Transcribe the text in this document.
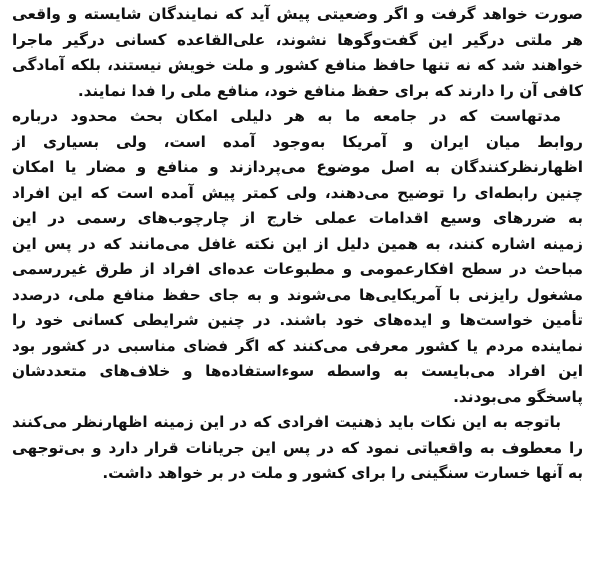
صورت خواهد گرفت و اگر وضعیتی پیش آید که نمایندگان شایسته و واقعی
هر ملتی درگیر این گفت‌وگوها نشوند، علی‌القاعده کسانی درگیر ماجرا
خواهند شد که نه تنها حافظ منافع کشور و ملت خویش نیستند، بلکه آمادگی
کافی آن را دارند که برای حفظ منافع خود، منافع ملی را فدا نمایند.
مدتهاست که در جامعه ما به هر دلیلی امکان بحث محدود درباره
روابط میان ایران و آمریکا به‌وجود آمده است، ولی بسیاری از
اظهارنظرکنندگان به اصل موضوع می‌پردازند و منافع و مضار یا امکان
چنین رابطه‌ای را توضیح می‌دهند، ولی کمتر پیش آمده است که این افراد
به ضررهای وسیع اقدامات عملی خارج از چارچوب‌های رسمی در این
زمینه اشاره کنند، به همین دلیل از این نکته غافل می‌مانند که در پس این
مباحث در سطح افکارعمومی و مطبوعات عده‌ای افراد از طرق غیررسمی
مشغول رایزنی با آمریکایی‌ها می‌شوند و به جای حفظ منافع ملی، درصدد
تأمین خواست‌ها و ایده‌های خود باشند. در چنین شرایطی کسانی خود را
نماینده مردم یا کشور معرفی می‌کنند که اگر فضای مناسبی در کشور بود
این افراد می‌بایست به واسطه سوءاستفاده‌ها و خلاف‌های متعددشان
پاسخگو می‌بودند.
باتوجه به این نکات باید ذهنیت افرادی که در این زمینه اظهارنظر می‌کنند
را معطوف به واقعیاتی نمود که در پس این جریانات قرار دارد و بی‌توجهی
به آنها خسارت سنگینی را برای کشور و ملت در بر خواهد داشت.
